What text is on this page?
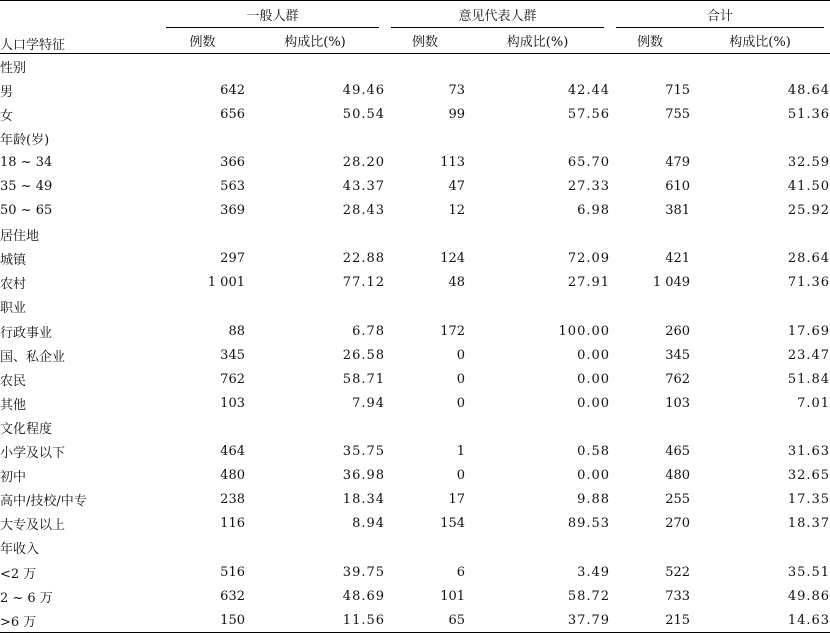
人口学特征	一般人群		意见代表人群		合计	

	例数	构成比(%)	例数	构成比(%)	例数	构成比(%)
性别						
男	642	49.46	73	42.44	715	48.64
女	656	50.54	99	57.56	755	51.36
年龄(岁)						
18 ~ 34	366	28.20	113	65.70	479	32.59
35 ~ 49	563	43.37	47	27.33	610	41.50
50 ~ 65	369	28.43	12	6.98	381	25.92
居住地						
城镇	297	22.88	124	72.09	421	28.64
农村	1 001	77.12	48	27.91	1 049	71.36
职业						
行政事业	88	6.78	172	100.00	260	17.69
国、私企业	345	26.58	0	0.00	345	23.47
农民	762	58.71	0	0.00	762	51.84
其他	103	7.94	0	0.00	103	7.01
文化程度						
小学及以下	464	35.75	1	0.58	465	31.63
初中	480	36.98	0	0.00	480	32.65
高中/技校/中专	238	18.34	17	9.88	255	17.35
大专及以上	116	8.94	154	89.53	270	18.37
年收入						
<2 万	516	39.75	6	3.49	522	35.51
2 ~ 6 万	632	48.69	101	58.72	733	49.86
>6 万	150	11.56	65	37.79	215	14.63
